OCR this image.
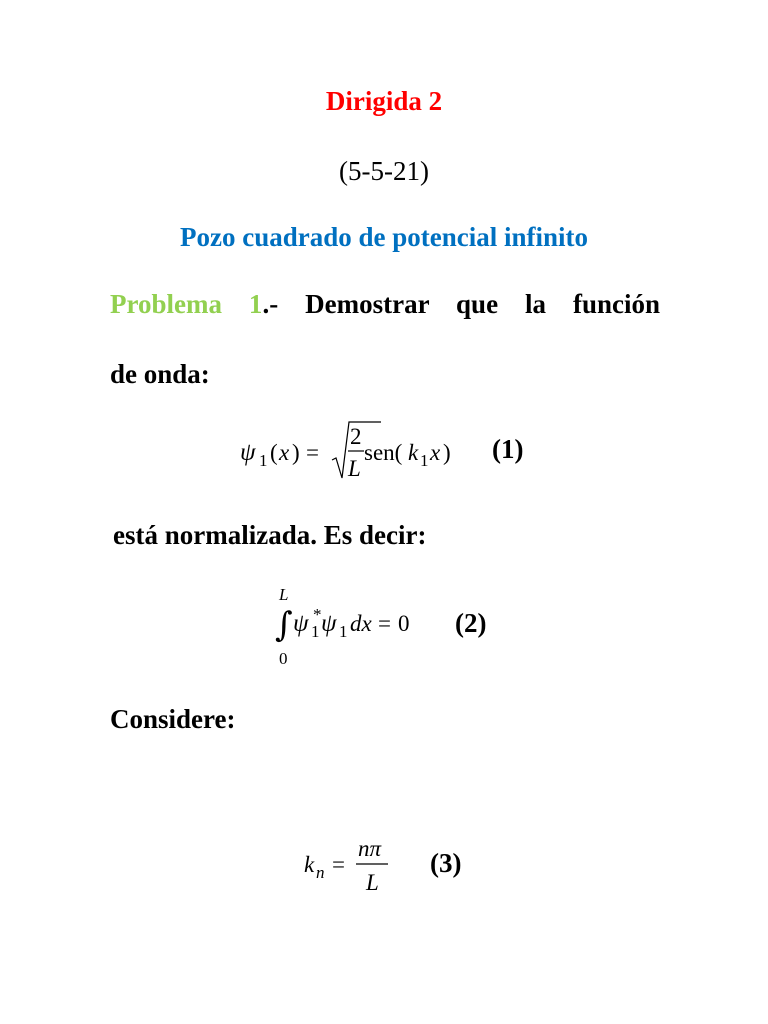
Dirigida 2
(5-5-21)
Pozo cuadrado de potencial infinito
Problema 1.- Demostrar que la función
de onda:
ψ 1 ( x ) =
2
L
sen( k 1 x ) (1)
está normalizada. Es decir:
L
∫
0
ψ 1
* ψ 1 dx = 0 (2)
Considere:
k n =
nπ
L
(3)
